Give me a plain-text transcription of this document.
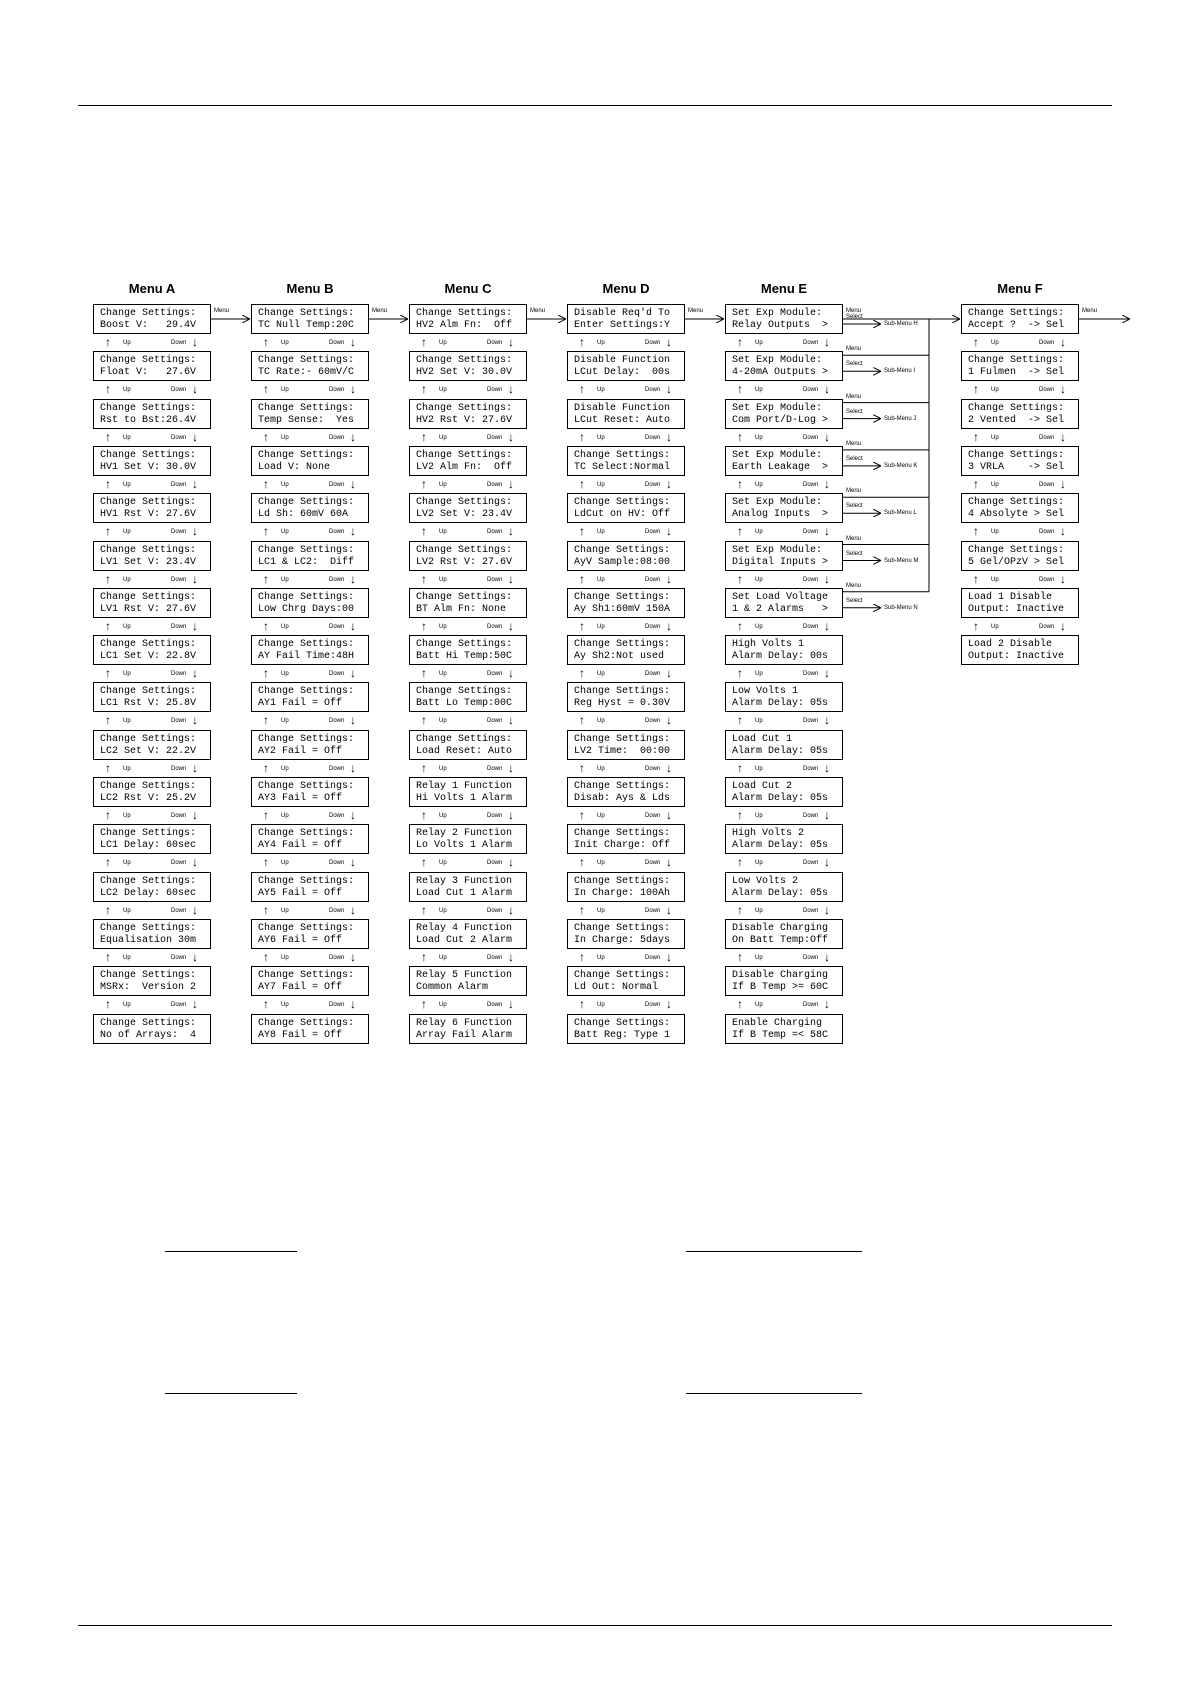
Menu A
Change Settings:
Boost V:   29.4V
↑ Up	Down ↓
Change Settings:
Float V:   27.6V
↑ Up	Down ↓
Change Settings:
Rst to Bst:26.4V
↑ Up	Down ↓
Change Settings:
HV1 Set V: 30.0V
↑ Up	Down ↓
Change Settings:
HV1 Rst V: 27.6V
↑ Up	Down ↓
Change Settings:
LV1 Set V: 23.4V
↑ Up	Down ↓
Change Settings:
LV1 Rst V: 27.6V
↑ Up	Down ↓
Change Settings:
LC1 Set V: 22.8V
↑ Up	Down ↓
Change Settings:
LC1 Rst V: 25.8V
↑ Up	Down ↓
Change Settings:
LC2 Set V: 22.2V
↑ Up	Down ↓
Change Settings:
LC2 Rst V: 25.2V
↑ Up	Down ↓
Change Settings:
LC1 Delay: 60sec
↑ Up	Down ↓
Change Settings:
LC2 Delay: 60sec
↑ Up	Down ↓
Change Settings:
Equalisation 30m
↑ Up	Down ↓
Change Settings:
MSRx:  Version 2
↑ Up	Down ↓
Change Settings:
No of Arrays:  4
Menu B
Change Settings:
TC Null Temp:20C
↑ Up	Down ↓
Change Settings:
TC Rate:- 60mV/C
↑ Up	Down ↓
Change Settings:
Temp Sense:  Yes
↑ Up	Down ↓
Change Settings:
Load V: None
↑ Up	Down ↓
Change Settings:
Ld Sh: 60mV 60A
↑ Up	Down ↓
Change Settings:
LC1 & LC2:  Diff
↑ Up	Down ↓
Change Settings:
Low Chrg Days:00
↑ Up	Down ↓
Change Settings:
AY Fail Time:48H
↑ Up	Down ↓
Change Settings:
AY1 Fail = Off
↑ Up	Down ↓
Change Settings:
AY2 Fail = Off
↑ Up	Down ↓
Change Settings:
AY3 Fail = Off
↑ Up	Down ↓
Change Settings:
AY4 Fail = Off
↑ Up	Down ↓
Change Settings:
AY5 Fail = Off
↑ Up	Down ↓
Change Settings:
AY6 Fail = Off
↑ Up	Down ↓
Change Settings:
AY7 Fail = Off
↑ Up	Down ↓
Change Settings:
AY8 Fail = Off
Menu C
Change Settings:
HV2 Alm Fn:  Off
↑ Up	Down ↓
Change Settings:
HV2 Set V: 30.0V
↑ Up	Down ↓
Change Settings:
HV2 Rst V: 27.6V
↑ Up	Down ↓
Change Settings:
LV2 Alm Fn:  Off
↑ Up	Down ↓
Change Settings:
LV2 Set V: 23.4V
↑ Up	Down ↓
Change Settings:
LV2 Rst V: 27.6V
↑ Up	Down ↓
Change Settings:
BT Alm Fn: None
↑ Up	Down ↓
Change Settings:
Batt Hi Temp:50C
↑ Up	Down ↓
Change Settings:
Batt Lo Temp:00C
↑ Up	Down ↓
Change Settings:
Load Reset: Auto
↑ Up	Down ↓
Relay 1 Function
Hi Volts 1 Alarm
↑ Up	Down ↓
Relay 2 Function
Lo Volts 1 Alarm
↑ Up	Down ↓
Relay 3 Function
Load Cut 1 Alarm
↑ Up	Down ↓
Relay 4 Function
Load Cut 2 Alarm
↑ Up	Down ↓
Relay 5 Function
Common Alarm
↑ Up	Down ↓
Relay 6 Function
Array Fail Alarm
Menu D
Disable Req'd To
Enter Settings:Y
↑ Up	Down ↓
Disable Function
LCut Delay:  00s
↑ Up	Down ↓
Disable Function
LCut Reset: Auto
↑ Up	Down ↓
Change Settings:
TC Select:Normal
↑ Up	Down ↓
Change Settings:
LdCut on HV: Off
↑ Up	Down ↓
Change Settings:
AyV Sample:08:00
↑ Up	Down ↓
Change Settings:
Ay Sh1:60mV 150A
↑ Up	Down ↓
Change Settings:
Ay Sh2:Not used
↑ Up	Down ↓
Change Settings:
Reg Hyst = 0.30V
↑ Up	Down ↓
Change Settings:
LV2 Time:  00:00
↑ Up	Down ↓
Change Settings:
Disab: Ays & Lds
↑ Up	Down ↓
Change Settings:
Init Charge: Off
↑ Up	Down ↓
Change Settings:
In Charge: 100Ah
↑ Up	Down ↓
Change Settings:
In Charge: 5days
↑ Up	Down ↓
Change Settings:
Ld Out: Normal
↑ Up	Down ↓
Change Settings:
Batt Reg: Type 1
Menu E
Set Exp Module:
Relay Outputs  >
↑ Up	Down ↓
Set Exp Module:
4-20mA Outputs >
↑ Up	Down ↓
Set Exp Module:
Com Port/D-Log >
↑ Up	Down ↓
Set Exp Module:
Earth Leakage  >
↑ Up	Down ↓
Set Exp Module:
Analog Inputs  >
↑ Up	Down ↓
Set Exp Module:
Digital Inputs >
↑ Up	Down ↓
Set Load Voltage
1 & 2 Alarms   >
↑ Up	Down ↓
High Volts 1
Alarm Delay: 00s
↑ Up	Down ↓
Low Volts 1
Alarm Delay: 05s
↑ Up	Down ↓
Load Cut 1
Alarm Delay: 05s
↑ Up	Down ↓
Load Cut 2
Alarm Delay: 05s
↑ Up	Down ↓
High Volts 2
Alarm Delay: 05s
↑ Up	Down ↓
Low Volts 2
Alarm Delay: 05s
↑ Up	Down ↓
Disable Charging
On Batt Temp:Off
↑ Up	Down ↓
Disable Charging
If B Temp >= 60C
↑ Up	Down ↓
Enable Charging
If B Temp =< 58C
Menu F
Change Settings:
Accept ?  -> Sel
↑ Up	Down ↓
Change Settings:
1 Fulmen  -> Sel
↑ Up	Down ↓
Change Settings:
2 Vented  -> Sel
↑ Up	Down ↓
Change Settings:
3 VRLA    -> Sel
↑ Up	Down ↓
Change Settings:
4 Absolyte > Sel
↑ Up	Down ↓
Change Settings:
5 Gel/OPzV > Sel
↑ Up	Down ↓
Load 1 Disable
Output: Inactive
↑ Up	Down ↓
Load 2 Disable
Output: Inactive
Menu	Menu	Menu	Menu	Menu	Menu
Select
Sub-Menu H
Select
Sub-Menu I
Menu
Select
Sub-Menu J
Menu
Select
Sub-Menu K
Menu
Select
Sub-Menu L
Menu
Select
Sub-Menu M
Menu
Select
Sub-Menu N
Menu
